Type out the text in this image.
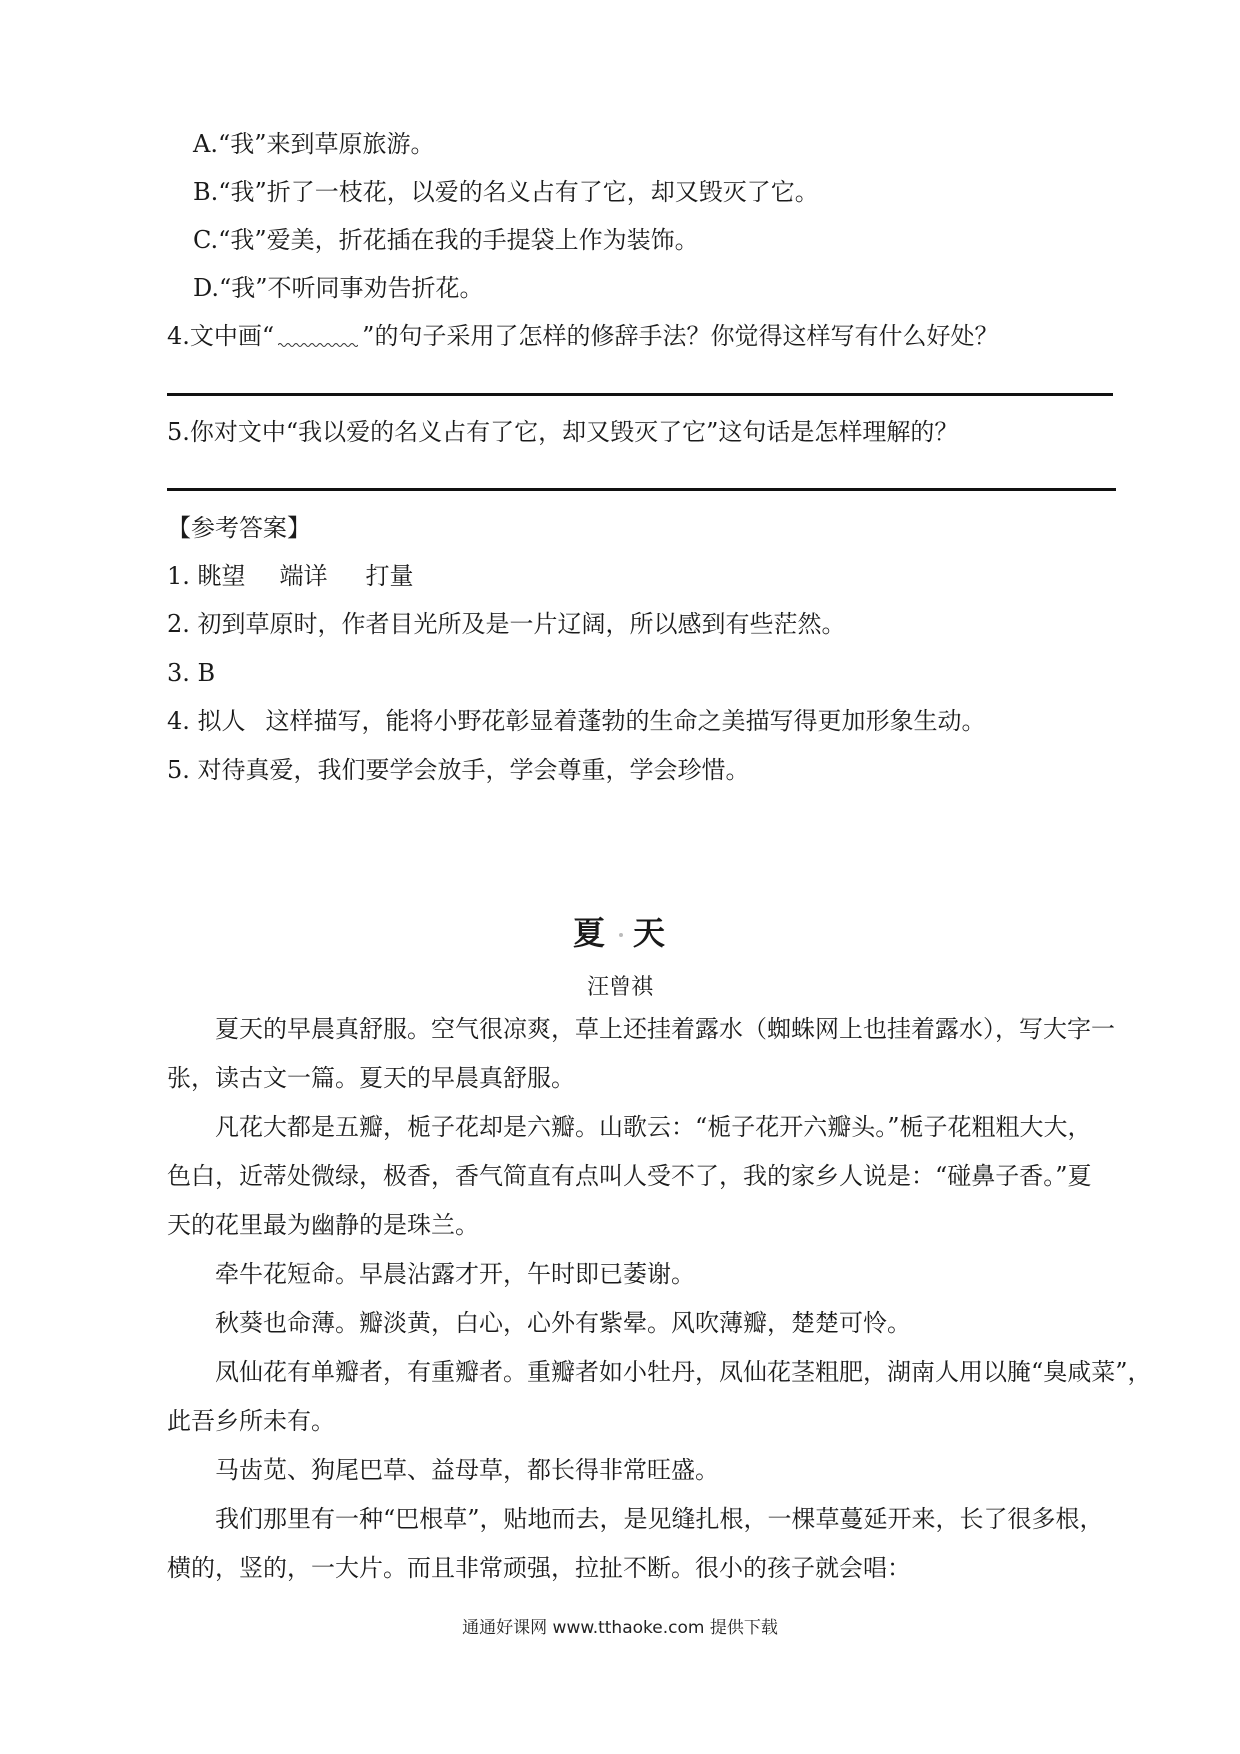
A.“我”来到草原旅游。
B.“我”折了一枝花，以爱的名义占有了它，却又毁灭了它。
C.“我”爱美，折花插在我的手提袋上作为装饰。
D.“我”不听同事劝告折花。
4.文中画“	”的句子采用了怎样的修辞手法？你觉得这样写有什么好处？
5.你对文中“我以爱的名义占有了它，却又毁灭了它”这句话是怎样理解的？
【参考答案】
1. 眺望 端详 打量
2. 初到草原时，作者目光所及是一片辽阔，所以感到有些茫然。
3. B
4. 拟人 这样描写，能将小野花彰显着蓬勃的生命之美描写得更加形象生动。
5. 对待真爱，我们要学会放手，学会尊重，学会珍惜。
夏 天
汪曾祺
　　夏天的早晨真舒服。空气很凉爽，草上还挂着露水（蜘蛛网上也挂着露水），写大字一
张，读古文一篇。夏天的早晨真舒服。
　　凡花大都是五瓣，栀子花却是六瓣。山歌云：“栀子花开六瓣头。”栀子花粗粗大大，
色白，近蒂处微绿，极香，香气简直有点叫人受不了，我的家乡人说是：“碰鼻子香。”夏
天的花里最为幽静的是珠兰。
　　牵牛花短命。早晨沾露才开，午时即已萎谢。
　　秋葵也命薄。瓣淡黄，白心，心外有紫晕。风吹薄瓣，楚楚可怜。
　　凤仙花有单瓣者，有重瓣者。重瓣者如小牡丹，凤仙花茎粗肥，湖南人用以腌“臭咸菜”，
此吾乡所未有。
　　马齿苋、狗尾巴草、益母草，都长得非常旺盛。
　　我们那里有一种“巴根草”，贴地而去，是见缝扎根，一棵草蔓延开来，长了很多根，
横的，竖的，一大片。而且非常顽强，拉扯不断。很小的孩子就会唱：
通通好课网 www.tthaoke.com 提供下载
